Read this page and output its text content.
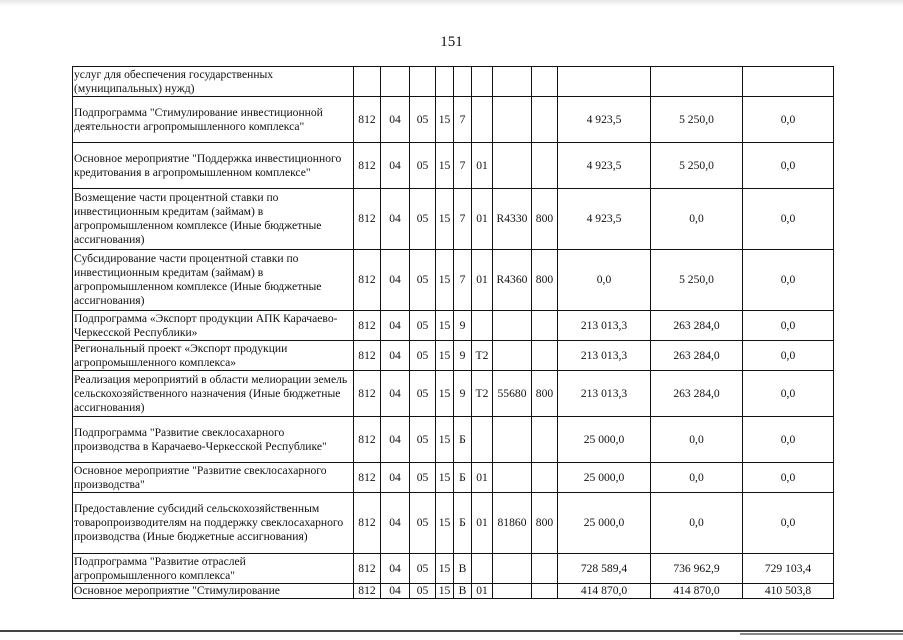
151
услуг для обеспечения государственных (муниципальных) нужд)											
Подпрограмма "Стимулирование инвестиционной деятельности агропромышленного комплекса"	812	04	05	15	7				4 923,5	5 250,0	0,0
Основное мероприятие "Поддержка инвестиционного кредитования в агропромышленном комплексе"	812	04	05	15	7	01			4 923,5	5 250,0	0,0
Возмещение части процентной ставки по инвестиционным кредитам (займам) в агропромышленном комплексе (Иные бюджетные ассигнования)	812	04	05	15	7	01	R4330	800	4 923,5	0,0	0,0
Субсидирование части процентной ставки по инвестиционным кредитам (займам) в агропромышленном комплексе (Иные бюджетные ассигнования)	812	04	05	15	7	01	R4360	800	0,0	5 250,0	0,0
Подпрограмма «Экспорт продукции АПК Карачаево-Черкесской Республики»	812	04	05	15	9				213 013,3	263 284,0	0,0
Региональный проект «Экспорт продукции агропромышленного комплекса»	812	04	05	15	9	T2			213 013,3	263 284,0	0,0
Реализация мероприятий в области мелиорации земель сельскохозяйственного назначения (Иные бюджетные ассигнования)	812	04	05	15	9	T2	55680	800	213 013,3	263 284,0	0,0
Подпрограмма "Развитие свеклосахарного производства в Карачаево-Черкесской Республике"	812	04	05	15	Б				25 000,0	0,0	0,0
Основное мероприятие "Развитие свеклосахарного производства"	812	04	05	15	Б	01			25 000,0	0,0	0,0
Предоставление субсидий сельскохозяйственным товаропроизводителям на поддержку свеклосахарного производства (Иные бюджетные ассигнования)	812	04	05	15	Б	01	81860	800	25 000,0	0,0	0,0
Подпрограмма "Развитие отраслей агропромышленного комплекса"	812	04	05	15	В				728 589,4	736 962,9	729 103,4
Основное мероприятие "Стимулирование	812	04	05	15	В	01			414 870,0	414 870,0	410 503,8
